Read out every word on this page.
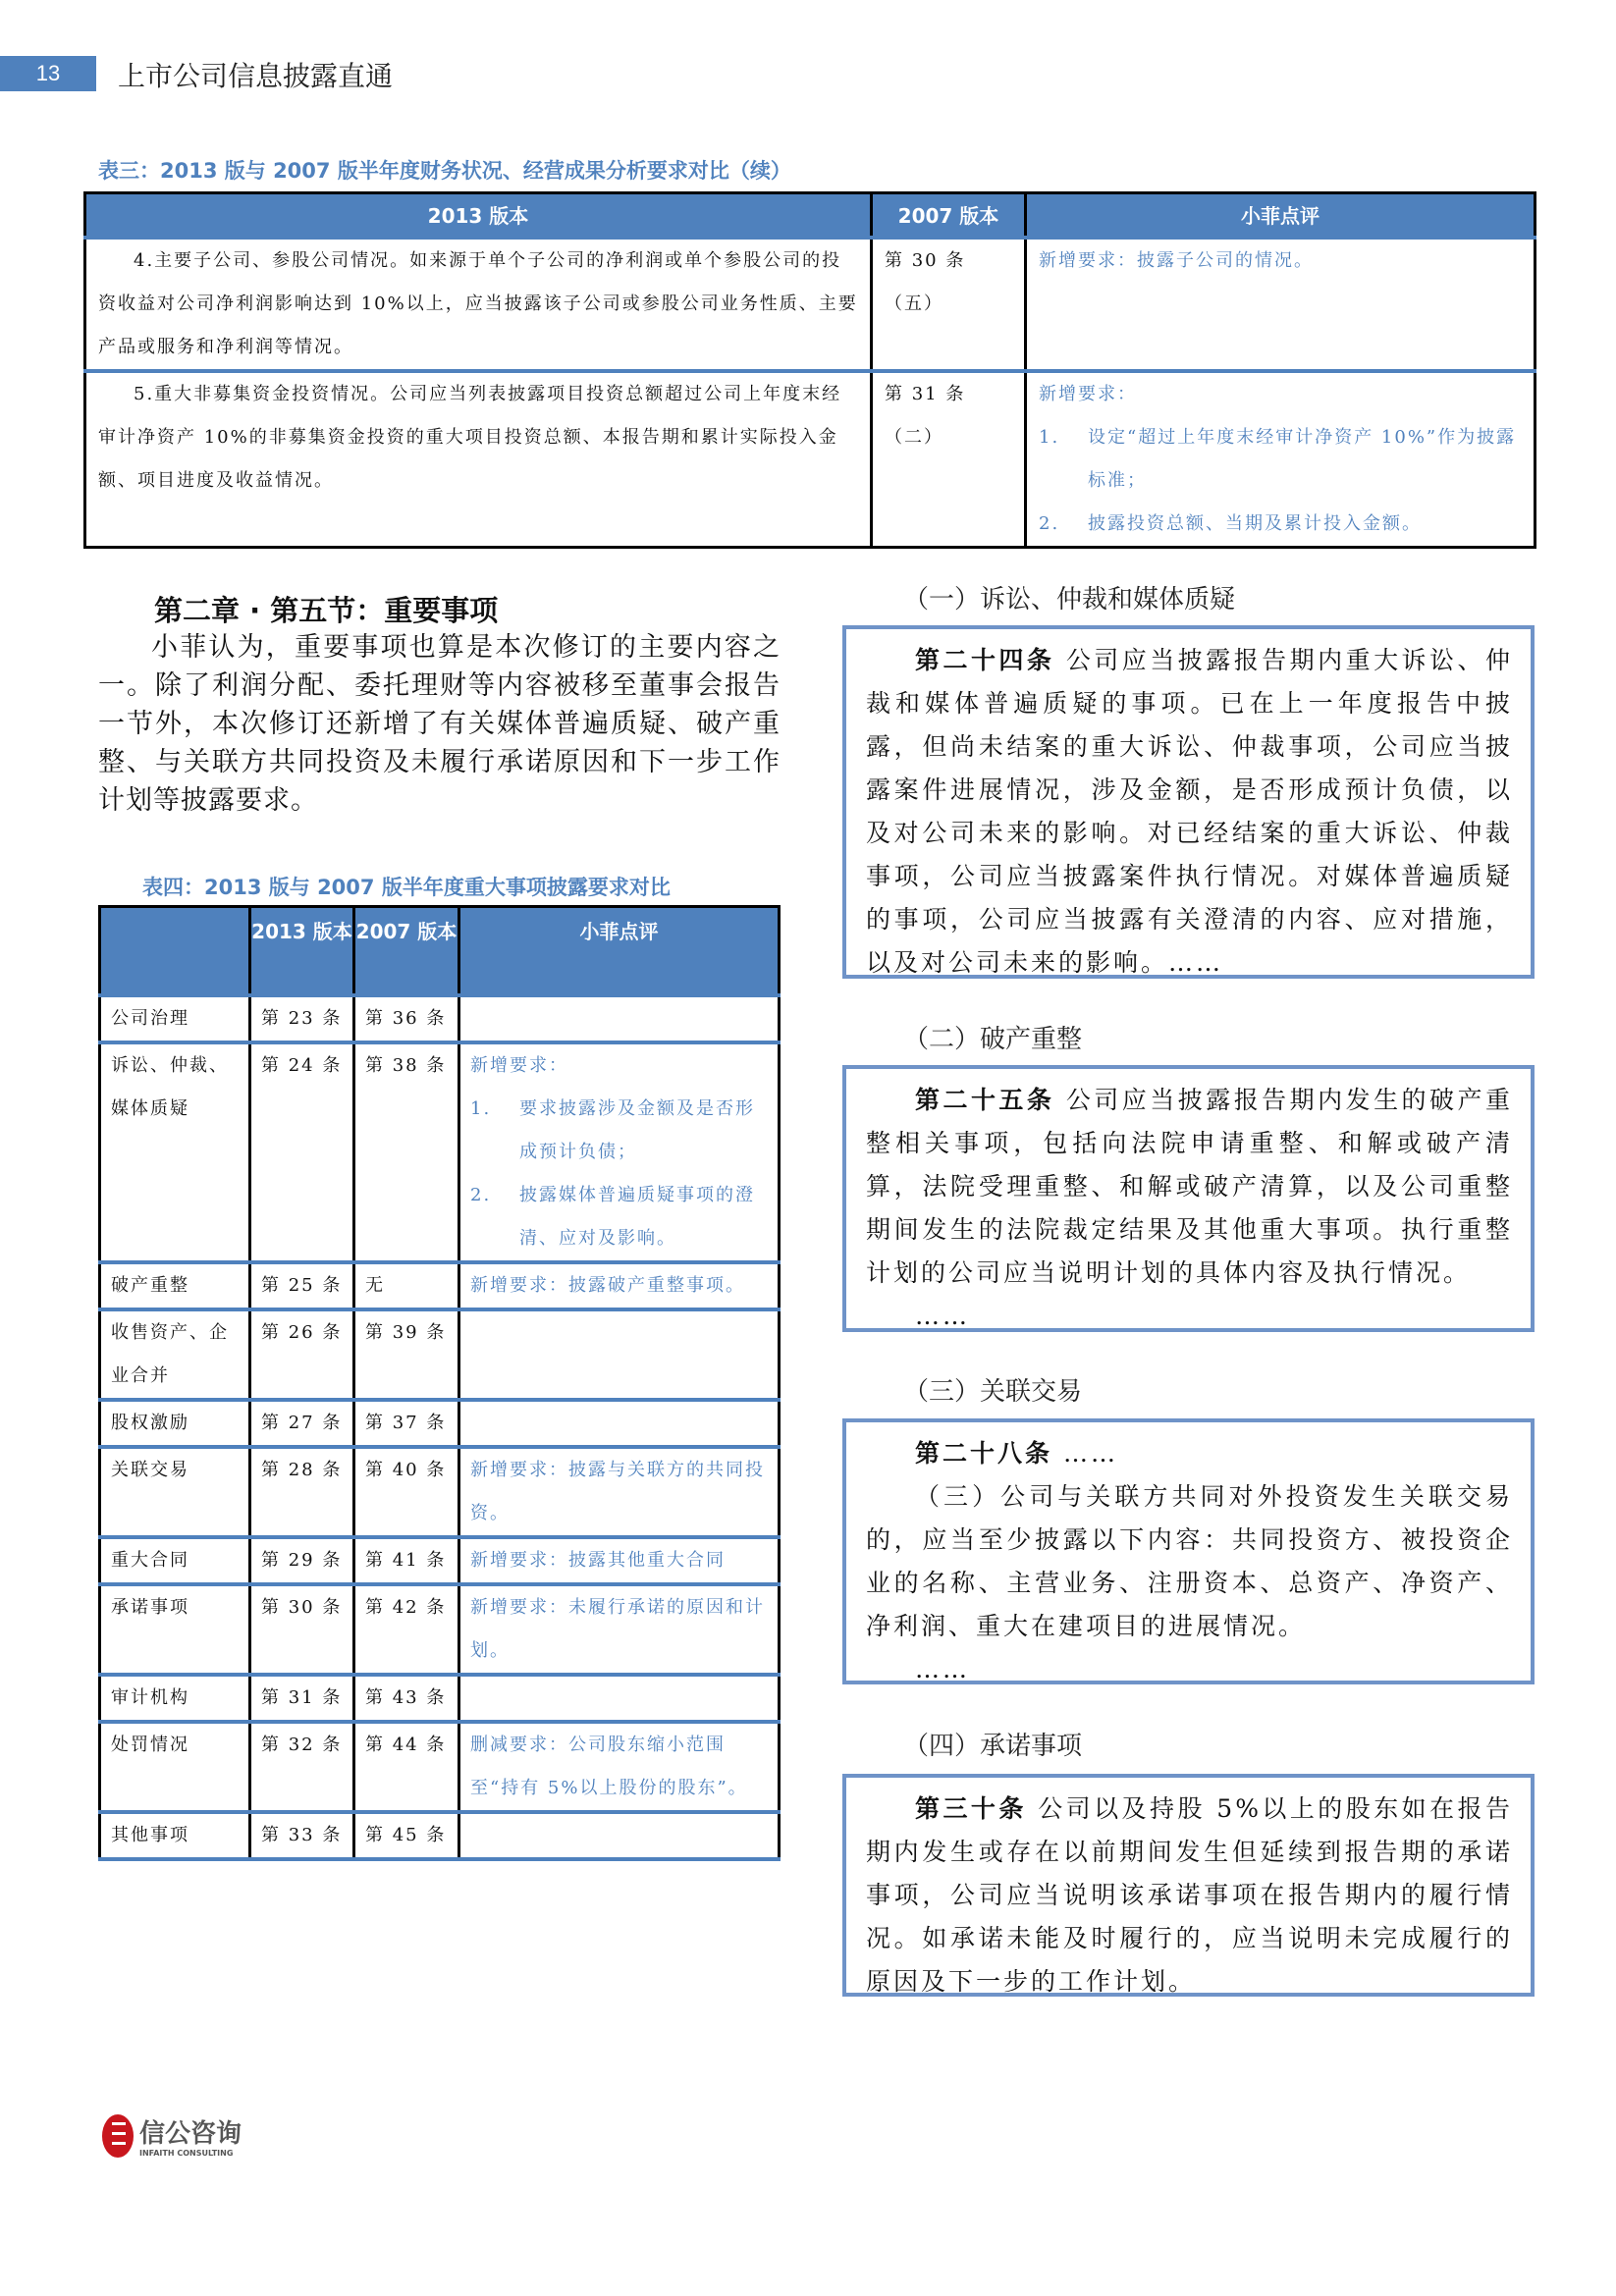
13	上市公司信息披露直通
表三：2013 版与 2007 版半年度财务状况、经营成果分析要求对比（续）
2013 版本	2007 版本	小菲点评
4.主要子公司、参股公司情况。如来源于单个子公司的净利润或单个参股公司的投资收益对公司净利润影响达到 10%以上，应当披露该子公司或参股公司业务性质、主要产品或服务和净利润等情况。	第 30 条（五）	新增要求：披露子公司的情况。
5.重大非募集资金投资情况。公司应当列表披露项目投资总额超过公司上年度末经审计净资产 10%的非募集资金投资的重大项目投资总额、本报告期和累计实际投入金额、项目进度及收益情况。	第 31 条（二）	新增要求：
1. 设定“超过上年度末经审计净资产 10%”作为披露标准；
2. 披露投资总额、当期及累计投入金额。
第二章 · 第五节：重要事项
小菲认为，重要事项也算是本次修订的主要内容之一。除了利润分配、委托理财等内容被移至董事会报告一节外，本次修订还新增了有关媒体普遍质疑、破产重整、与关联方共同投资及未履行承诺原因和下一步工作计划等披露要求。
表四：2013 版与 2007 版半年度重大事项披露要求对比
	2013 版本	2007 版本	小菲点评
公司治理	第 23 条	第 36 条	

诉讼、仲裁、媒体质疑	第 24 条	第 38 条	新增要求：
1. 要求披露涉及金额及是否形成预计负债；
2. 披露媒体普遍质疑事项的澄清、应对及影响。

破产重整	第 25 条	无	新增要求：披露破产重整事项。

收售资产、企业合并	第 26 条	第 39 条	

股权激励	第 27 条	第 37 条	

关联交易	第 28 条	第 40 条	新增要求：披露与关联方的共同投资。

重大合同	第 29 条	第 41 条	新增要求：披露其他重大合同

承诺事项	第 30 条	第 42 条	新增要求：未履行承诺的原因和计划。

审计机构	第 31 条	第 43 条	

处罚情况	第 32 条	第 44 条	删减要求：公司股东缩小范围至“持有 5%以上股份的股东”。

其他事项	第 33 条	第 45 条	
（一）诉讼、仲裁和媒体质疑

第二十四条 公司应当披露报告期内重大诉讼、仲裁和媒体普遍质疑的事项。已在上一年度报告中披露，但尚未结案的重大诉讼、仲裁事项，公司应当披露案件进展情况，涉及金额，是否形成预计负债，以及对公司未来的影响。对已经结案的重大诉讼、仲裁事项，公司应当披露案件执行情况。对媒体普遍质疑的事项，公司应当披露有关澄清的内容、应对措施，以及对公司未来的影响。……

（二）破产重整

第二十五条 公司应当披露报告期内发生的破产重整相关事项，包括向法院申请重整、和解或破产清算，法院受理重整、和解或破产清算，以及公司重整期间发生的法院裁定结果及其他重大事项。执行重整计划的公司应当说明计划的具体内容及执行情况。

……

（三）关联交易

第二十八条 ……

（三）公司与关联方共同对外投资发生关联交易的，应当至少披露以下内容：共同投资方、被投资企业的名称、主营业务、注册资本、总资产、净资产、净利润、重大在建项目的进展情况。

……

（四）承诺事项

第三十条 公司以及持股 5%以上的股东如在报告期内发生或存在以前期间发生但延续到报告期的承诺事项，公司应当说明该承诺事项在报告期内的履行情况。如承诺未能及时履行的，应当说明未完成履行的原因及下一步的工作计划。

信公咨询
INFAITH CONSULTING
